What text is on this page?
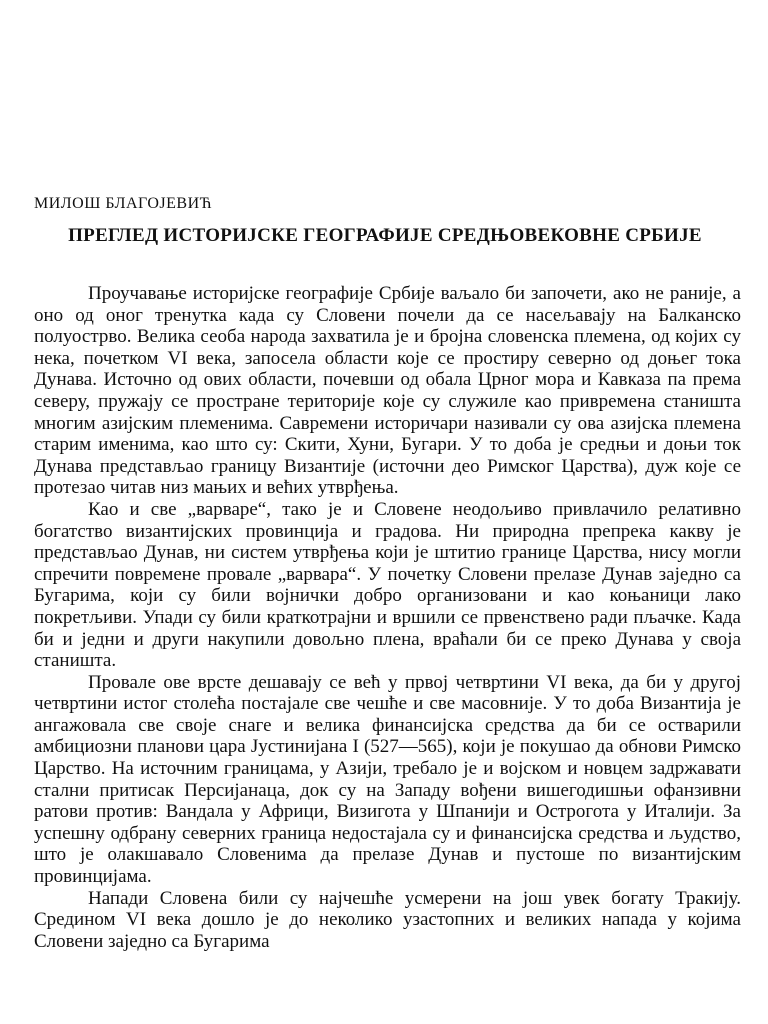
МИЛОШ БЛАГОЈЕВИЋ
ПРЕГЛЕД ИСТОРИЈСКЕ ГЕОГРАФИЈЕ СРЕДЊОВЕКОВНЕ СРБИЈЕ

Проучавање историјске географије Србије ваљало би започети, ако не раније, а оно од оног тренутка када су Словени почели да се насељавају на Балканско полуострво. Велика сеоба народа захватила је и бројна словенска племена, од којих су нека, почетком VI века, запосела области које се простиру северно од доњег тока Дунава. Источно од ових области, почевши од обала Црног мора и Кавказа па према северу, пружају се простране територије које су служиле као привремена станишта многим азијским племенима. Савремени историчари називали су ова азијска племена старим именима, као што су: Скити, Хуни, Бугари. У то доба је средњи и доњи ток Дунава представљао границу Византије (источни део Римског Царства), дуж које се протезао читав низ мањих и већих утврђења.

Као и све „варваре“, тако је и Словене неодољиво привлачило релативно богатство византијских провинција и градова. Ни природна препрека какву је представљао Дунав, ни систем утврђења који је штитио границе Царства, нису могли спречити повремене провале „варвара“. У почетку Словени прелазе Дунав заједно са Бугарима, који су били војнички добро организовани и као коњаници лако покретљиви. Упади су били краткотрајни и вршили се првенствено ради пљачке. Када би и једни и други накупили довољно плена, враћали би се преко Дунава у своја станишта.

Провале ове врсте дешавају се већ у првој четвртини VI века, да би у другој четвртини истог столећа постајале све чешће и све масовније. У то доба Византија је ангажовала све своје снаге и велика финансијска средства да би се остварили амбициозни планови цара Јустинијана I (527—565), који је покушао да обнови Римско Царство. На источним границама, у Азији, требало је и војском и новцем задржавати стални притисак Персијанаца, док су на Западу вођени вишегодишњи офанзивни ратови против: Вандала у Африци, Визигота у Шпанији и Острогота у Италији. За успешну одбрану северних граница недостајала су и финансијска средства и људство, што је олакшавало Словенима да прелазе Дунав и пустоше по византијским провинцијама.

Напади Словена били су најчешће усмерени на још увек богату Тракију. Средином VI века дошло је до неколико узастопних и великих напада у којима Словени заједно са Бугарима
